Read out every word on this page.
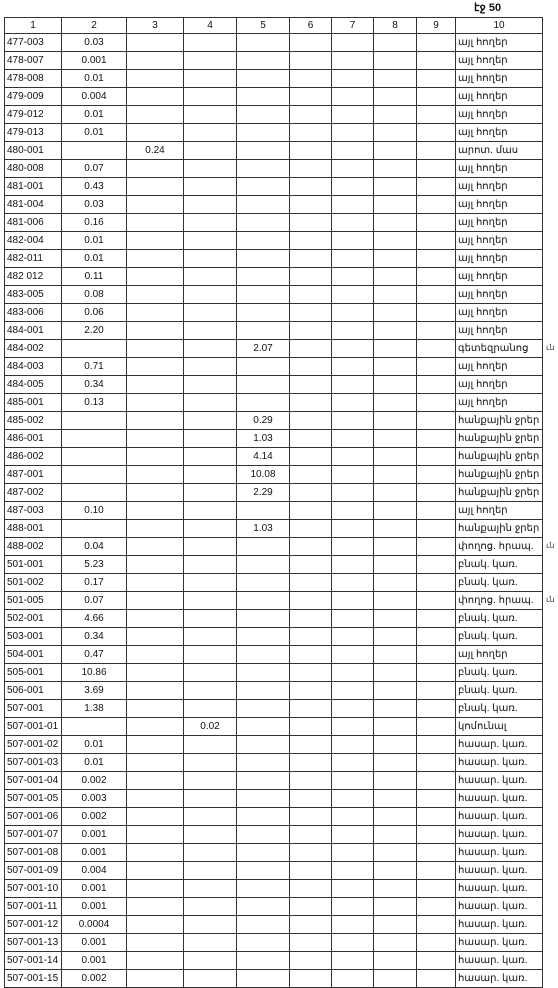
էջ 50
1	2	3	4	5	6	7	8	9	10
477-003	0.03								այլ հողեր
478-007	0.001								այլ հողեր
478-008	0.01								այլ հողեր
479-009	0.004								այլ հողեր
479-012	0.01								այլ հողեր
479-013	0.01								այլ հողեր
480-001		0.24							արոտ. մաս
480-008	0.07								այլ հողեր
481-001	0.43								այլ հողեր
481-004	0.03								այլ հողեր
481-006	0.16								այլ հողեր
482-004	0.01								այլ հողեր
482-011	0.01								այլ հողեր
482 012	0.11								այլ հողեր
483-005	0.08								այլ հողեր
483-006	0.06								այլ հողեր
484-001	2.20								այլ հողեր
484-002				2.07					գետեզրանոց
484-003	0.71								այլ հողեր
484-005	0.34								այլ հողեր
485-001	0.13								այլ հողեր
485-002				0.29					հանքային ջրեր
486-001				1.03					հանքային ջրեր
486-002				4.14					հանքային ջրեր
487-001				10.08					հանքային ջրեր
487-002				2.29					հանքային ջրեր
487-003	0.10								այլ հողեր
488-001				1.03					հանքային ջրեր
488-002	0.04								փողոց. հրապ.
501-001	5.23								բնակ. կառ.
501-002	0.17								բնակ. կառ.
501-005	0.07								փողոց. հրապ.
502-001	4.66								բնակ. կառ.
503-001	0.34								բնակ. կառ.
504-001	0.47								այլ հողեր
505-001	10.86								բնակ. կառ.
506-001	3.69								բնակ. կառ.
507-001	1.38								բնակ. կառ.
507-001-01			0.02						կոմունալ
507-001-02	0.01								հասար. կառ.
507-001-03	0.01								հասար. կառ.
507-001-04	0.002								հասար. կառ.
507-001-05	0.003								հասար. կառ.
507-001-06	0.002								հասար. կառ.
507-001-07	0.001								հասար. կառ.
507-001-08	0.001								հասար. կառ.
507-001-09	0.004								հասար. կառ.
507-001-10	0.001								հասար. կառ.
507-001-11	0.001								հասար. կառ.
507-001-12	0.0004								հասար. կառ.
507-001-13	0.001								հասար. կառ.
507-001-14	0.001								հասար. կառ.
507-001-15	0.002								հասար. կառ.
ւն
ւն
ւն
